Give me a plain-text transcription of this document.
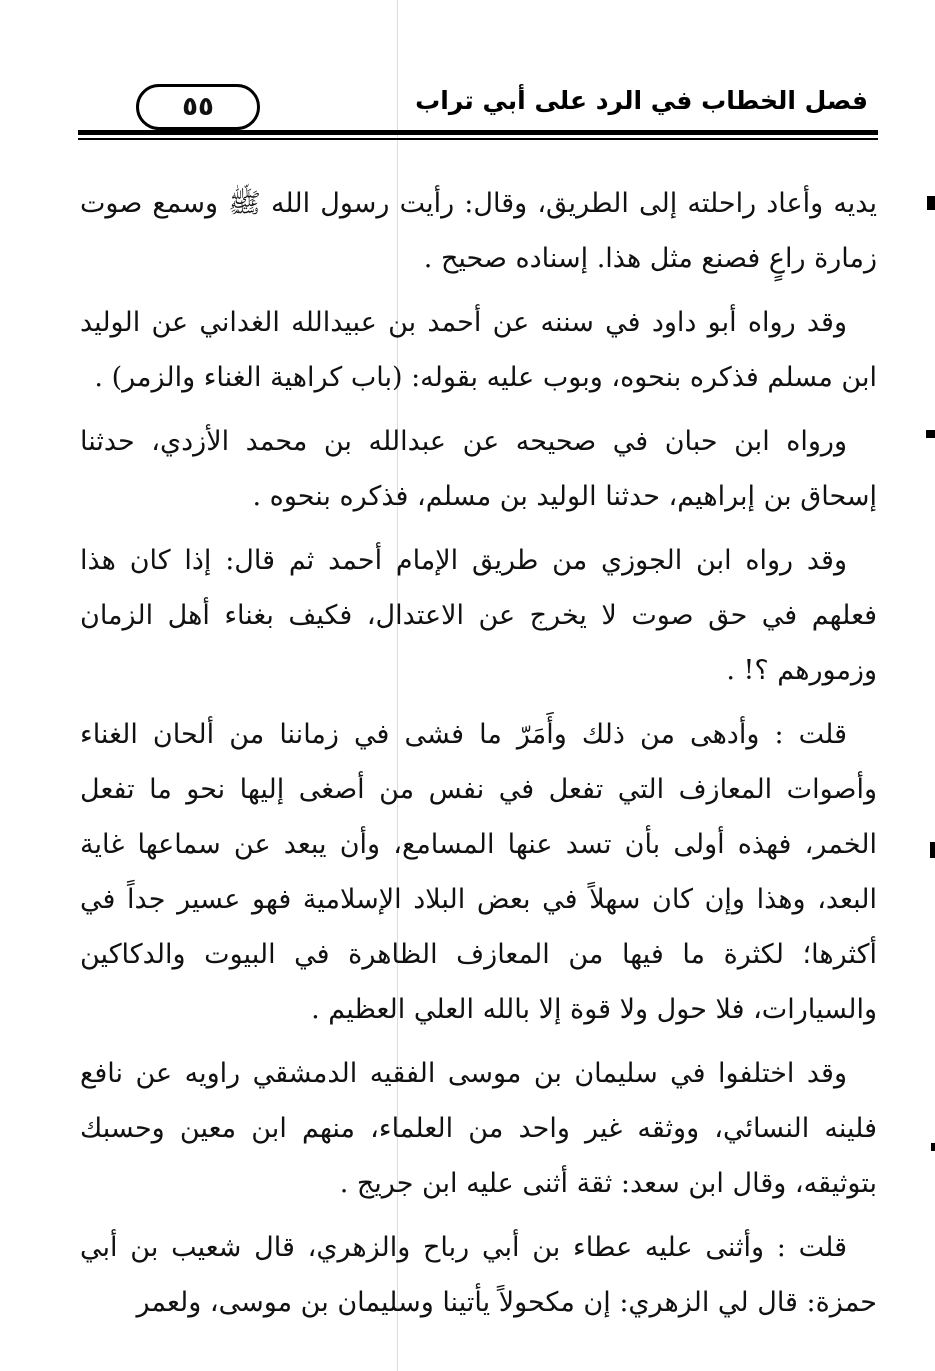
فصل الخطاب في الرد على أبي تراب
٥٥

يديه وأعاد راحلته إلى الطريق، وقال: رأيت رسول الله ﷺ وسمع صوت زمارة راعٍ فصنع مثل هذا. إسناده صحيح .

وقد رواه أبو داود في سننه عن أحمد بن عبيدالله الغداني عن الوليد ابن مسلم فذكره بنحوه، وبوب عليه بقوله: (باب كراهية الغناء والزمر) .

ورواه ابن حبان في صحيحه عن عبدالله بن محمد الأزدي، حدثنا إسحاق بن إبراهيم، حدثنا الوليد بن مسلم، فذكره بنحوه .

وقد رواه ابن الجوزي من طريق الإمام أحمد ثم قال: إذا كان هذا فعلهم في حق صوت لا يخرج عن الاعتدال، فكيف بغناء أهل الزمان وزمورهم ؟! .

قلت : وأدهى من ذلك وأَمَرّ ما فشى في زماننا من ألحان الغناء وأصوات المعازف التي تفعل في نفس من أصغى إليها نحو ما تفعل الخمر، فهذه أولى بأن تسد عنها المسامع، وأن يبعد عن سماعها غاية البعد، وهذا وإن كان سهلاً في بعض البلاد الإسلامية فهو عسير جداً في أكثرها؛ لكثرة ما فيها من المعازف الظاهرة في البيوت والدكاكين والسيارات، فلا حول ولا قوة إلا بالله العلي العظيم .

وقد اختلفوا في سليمان بن موسى الفقيه الدمشقي راويه عن نافع فلينه النسائي، ووثقه غير واحد من العلماء، منهم ابن معين وحسبك بتوثيقه، وقال ابن سعد: ثقة أثنى عليه ابن جريج .

قلت : وأثنى عليه عطاء بن أبي رباح والزهري، قال شعيب بن أبي حمزة: قال لي الزهري: إن مكحولاً يأتينا وسليمان بن موسى، ولعمر
